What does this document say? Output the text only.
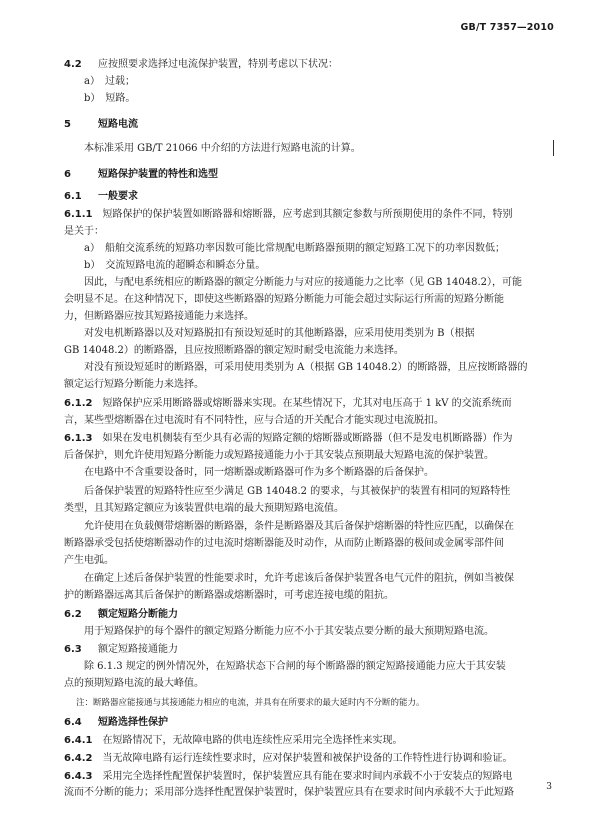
GB/T 7357—2010
4.2　 应按照要求选择过电流保护装置，特别考虑以下状况：
a）　过载；
b）　短路。
5　	短路电流
本标准采用 GB/T 21066 中介绍的方法进行短路电流的计算。
6　	短路保护装置的特性和选型
6.1　 一般要求
6.1.1　 短路保护的保护装置如断路器和熔断器，应考虑到其额定参数与所预期使用的条件不同，特别
是关于：
a）　船舶交流系统的短路功率因数可能比常规配电断路器预期的额定短路工况下的功率因数低；
b）　交流短路电流的超瞬态和瞬态分量。
因此，与配电系统相应的断路器的额定分断能力与对应的接通能力之比率（见 GB 14048.2），可能
会明显不足。在这种情况下，即使这些断路器的短路分断能力可能会超过实际运行所需的短路分断能
力，但断路器应按其短路接通能力来选择。
对发电机断路器以及对短路脱扣有预设短延时的其他断路器，应采用使用类别为 B（根据
GB 14048.2）的断路器，且应按照断路器的额定短时耐受电流能力来选择。
对没有预设短延时的断路器，可采用使用类别为 A（根据 GB 14048.2）的断路器，且应按断路器的
额定运行短路分断能力来选择。
6.1.2　 短路保护应采用断路器或熔断器来实现。在某些情况下，尤其对电压高于 1 kV 的交流系统而
言，某些型熔断器在过电流时有不同特性，应与合适的开关配合才能实现过电流脱扣。
6.1.3　 如果在发电机侧装有至少具有必需的短路定额的熔断器或断路器（但不是发电机断路器）作为
后备保护，则允许使用短路分断能力或短路接通能力小于其安装点预期最大短路电流的保护装置。
在电路中不含重要设备时，同一熔断器或断路器可作为多个断路器的后备保护。
后备保护装置的短路特性应至少满足 GB 14048.2 的要求，与其被保护的装置有相同的短路特性
类型，且其短路定额应为该装置供电端的最大预期短路电流值。
允许使用在负载侧带熔断器的断路器，条件是断路器及其后备保护熔断器的特性应匹配，以确保在
断路器承受包括使熔断器动作的过电流时熔断器能及时动作，从而防止断路器的极间或金属零部件间
产生电弧。
在确定上述后备保护装置的性能要求时，允许考虑该后备保护装置各电气元件的阻抗，例如当被保
护的断路器远离其后备保护的断路器或熔断器时，可考虑连接电缆的阻抗。
6.2　 额定短路分断能力
用于短路保护的每个器件的额定短路分断能力应不小于其安装点要分断的最大预期短路电流。
6.3　 额定短路接通能力
除 6.1.3 规定的例外情况外，在短路状态下合闸的每个断路器的额定短路接通能力应大于其安装
点的预期短路电流的最大峰值。
注：断路器应能接通与其接通能力相应的电流，并具有在所要求的最大延时内不分断的能力。
6.4　 短路选择性保护
6.4.1　 在短路情况下，无故障电路的供电连续性应采用完全选择性来实现。
6.4.2　 当无故障电路有运行连续性要求时，应对保护装置和被保护设备的工作特性进行协调和验证。
6.4.3　 采用完全选择性配置保护装置时，保护装置应具有能在要求时间内承载不小于安装点的短路电
流而不分断的能力；采用部分选择性配置保护装置时，保护装置应具有在要求时间内承载不大于此短路	3
